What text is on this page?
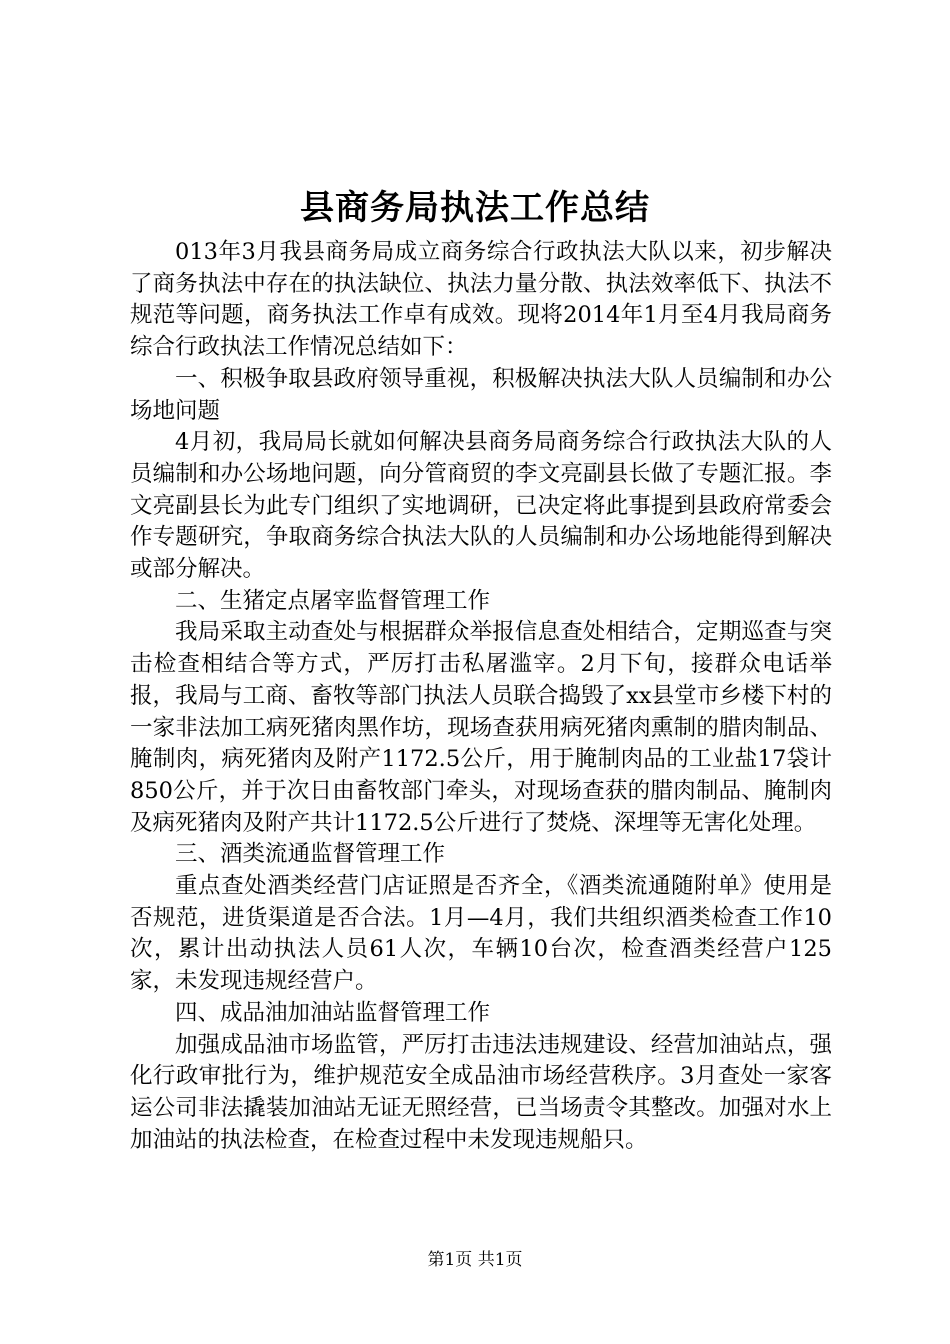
县商务局执法工作总结

013年3月我县商务局成立商务综合行政执法大队以来，初步解决了商务执法中存在的执法缺位、执法力量分散、执法效率低下、执法不规范等问题，商务执法工作卓有成效。现将2014年1月至4月我局商务综合行政执法工作情况总结如下：

一、积极争取县政府领导重视，积极解决执法大队人员编制和办公场地问题

4月初，我局局长就如何解决县商务局商务综合行政执法大队的人员编制和办公场地问题，向分管商贸的李文亮副县长做了专题汇报。李文亮副县长为此专门组织了实地调研，已决定将此事提到县政府常委会作专题研究，争取商务综合执法大队的人员编制和办公场地能得到解决或部分解决。

二、生猪定点屠宰监督管理工作

我局采取主动查处与根据群众举报信息查处相结合，定期巡查与突击检查相结合等方式，严厉打击私屠滥宰。2月下旬，接群众电话举报，我局与工商、畜牧等部门执法人员联合捣毁了xx县堂市乡楼下村的一家非法加工病死猪肉黑作坊，现场查获用病死猪肉熏制的腊肉制品、腌制肉，病死猪肉及附产1172.5公斤，用于腌制肉品的工业盐17袋计850公斤，并于次日由畜牧部门牵头，对现场查获的腊肉制品、腌制肉及病死猪肉及附产共计1172.5公斤进行了焚烧、深埋等无害化处理。

三、酒类流通监督管理工作

重点查处酒类经营门店证照是否齐全，《酒类流通随附单》使用是否规范，进货渠道是否合法。1月—4月，我们共组织酒类检查工作10次，累计出动执法人员61人次，车辆10台次，检查酒类经营户125家，未发现违规经营户。

四、成品油加油站监督管理工作

加强成品油市场监管，严厉打击违法违规建设、经营加油站点，强化行政审批行为，维护规范安全成品油市场经营秩序。3月查处一家客运公司非法撬装加油站无证无照经营，已当场责令其整改。加强对水上加油站的执法检查，在检查过程中未发现违规船只。

第1页 共1页
